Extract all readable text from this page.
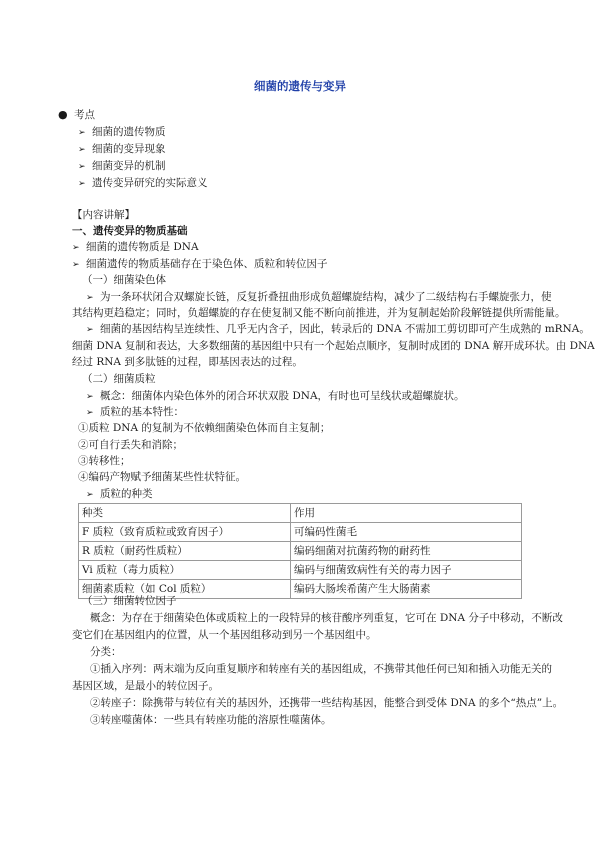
细菌的遗传与变异
● 考点
➢ 细菌的遗传物质
➢ 细菌的变异现象
➢ 细菌变异的机制
➢ 遗传变异研究的实际意义
【内容讲解】
一、遗传变异的物质基础
➢ 细菌的遗传物质是 DNA
➢ 细菌遗传的物质基础存在于染色体、质粒和转位因子
（一）细菌染色体
➢ 为一条环状闭合双螺旋长链，反复折叠扭曲形成负超螺旋结构，减少了二级结构右手螺旋张力，使
其结构更趋稳定；同时，负超螺旋的存在使复制又能不断向前推进，并为复制起始阶段解链提供所需能量。
➢ 细菌的基因结构呈连续性、几乎无内含子，因此，转录后的 DNA 不需加工剪切即可产生成熟的 mRNA。
细菌 DNA 复制和表达，大多数细菌的基因组中只有一个起始点顺序，复制时成团的 DNA 解开成环状。由 DNA
经过 RNA 到多肽链的过程，即基因表达的过程。
（二）细菌质粒
➢ 概念：细菌体内染色体外的闭合环状双股 DNA，有时也可呈线状或超螺旋状。
➢ 质粒的基本特性：
①质粒 DNA 的复制为不依赖细菌染色体而自主复制；
②可自行丢失和消除；
③转移性；
④编码产物赋予细菌某些性状特征。
➢ 质粒的种类
种类	作用
F 质粒（致育质粒或致育因子）	可编码性菌毛
R 质粒（耐药性质粒）	编码细菌对抗菌药物的耐药性
Vi 质粒（毒力质粒）	编码与细菌致病性有关的毒力因子
细菌素质粒（如 Col 质粒）	编码大肠埃希菌产生大肠菌素
（三）细菌转位因子
概念：为存在于细菌染色体或质粒上的一段特异的核苷酸序列重复，它可在 DNA 分子中移动，不断改
变它们在基因组内的位置，从一个基因组移动到另一个基因组中。
分类：
①插入序列：两末端为反向重复顺序和转座有关的基因组成，不携带其他任何已知和插入功能无关的
基因区域，是最小的转位因子。
②转座子：除携带与转位有关的基因外，还携带一些结构基因，能整合到受体 DNA 的多个“热点”上。
③转座噬菌体：一些具有转座功能的溶原性噬菌体。
